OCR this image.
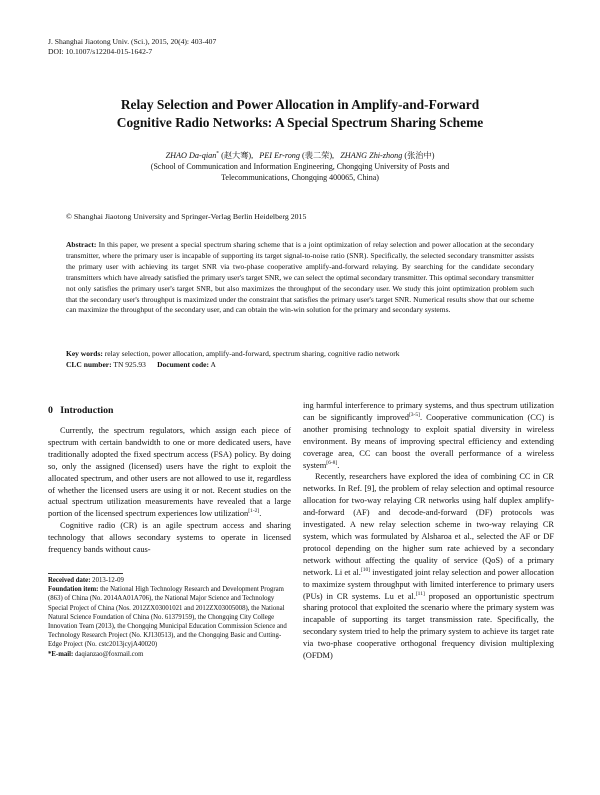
J. Shanghai Jiaotong Univ. (Sci.), 2015, 20(4): 403-407
DOI: 10.1007/s12204-015-1642-7
Relay Selection and Power Allocation in Amplify-and-Forward
Cognitive Radio Networks: A Special Spectrum Sharing Scheme
ZHAO Da-qian* (赵大骞), PEI Er-rong (裴二荣), ZHANG Zhi-zhong (张治中)
(School of Communication and Information Engineering, Chongqing University of Posts and
Telecommunications, Chongqing 400065, China)
© Shanghai Jiaotong University and Springer-Verlag Berlin Heidelberg 2015
Abstract: In this paper, we present a special spectrum sharing scheme that is a joint optimization of relay selection and power allocation at the secondary transmitter, where the primary user is incapable of supporting its target signal-to-noise ratio (SNR). Specifically, the selected secondary transmitter assists the primary user with achieving its target SNR via two-phase cooperative amplify-and-forward relaying. By searching for the candidate secondary transmitters which have already satisfied the primary user's target SNR, we can select the optimal secondary transmitter. This optimal secondary transmitter not only satisfies the primary user's target SNR, but also maximizes the throughput of the secondary user. We study this joint optimization problem such that the secondary user's throughput is maximized under the constraint that satisfies the primary user's target SNR. Numerical results show that our scheme can maximize the throughput of the secondary user, and can obtain the win-win solution for the primary and secondary systems.
Key words: relay selection, power allocation, amplify-and-forward, spectrum sharing, cognitive radio network
CLC number: TN 925.93 Document code: A
0 Introduction

Currently, the spectrum regulators, which assign each piece of spectrum with certain bandwidth to one or more dedicated users, have traditionally adopted the fixed spectrum access (FSA) policy. By doing so, only the assigned (licensed) users have the right to exploit the allocated spectrum, and other users are not allowed to use it, regardless of whether the licensed users are using it or not. Recent studies on the actual spectrum utilization measurements have revealed that a large portion of the licensed spectrum experiences low utilization[1-2].

Cognitive radio (CR) is an agile spectrum access and sharing technology that allows secondary systems to operate in licensed frequency bands without caus-

Received date: 2013-12-09
Foundation item: the National High Technology Research and Development Program (863) of China (No. 2014AA01A706), the National Major Science and Technology Special Project of China (Nos. 2012ZX03001021 and 2012ZX03005008), the National Natural Science Foundation of China (No. 61379159), the Chongqing City College Innovation Team (2013), the Chongqing Municipal Education Commission Science and Technology Research Project (No. KJ130513), and the Chongqing Basic and Cutting-Edge Project (No. cstc2013jcyjA40020)
*E-mail: daqianzao@foxmail.com

ing harmful interference to primary systems, and thus spectrum utilization can be significantly improved[3-5]. Cooperative communication (CC) is another promising technology to exploit spatial diversity in wireless environment. By means of improving spectral efficiency and extending coverage area, CC can boost the overall performance of a wireless system[6-8].

Recently, researchers have explored the idea of combining CC in CR networks. In Ref. [9], the problem of relay selection and optimal resource allocation for two-way relaying CR networks using half duplex amplify-and-forward (AF) and decode-and-forward (DF) protocols was investigated. A new relay selection scheme in two-way relaying CR system, which was formulated by Alsharoa et al., selected the AF or DF protocol depending on the higher sum rate achieved by a secondary network without affecting the quality of service (QoS) of a primary network. Li et al.[10] investigated joint relay selection and power allocation to maximize system throughput with limited interference to primary users (PUs) in CR systems. Lu et al.[11] proposed an opportunistic spectrum sharing protocol that exploited the scenario where the primary system was incapable of supporting its target transmission rate. Specifically, the secondary system tried to help the primary system to achieve its target rate via two-phase cooperative orthogonal frequency division multiplexing (OFDM)
